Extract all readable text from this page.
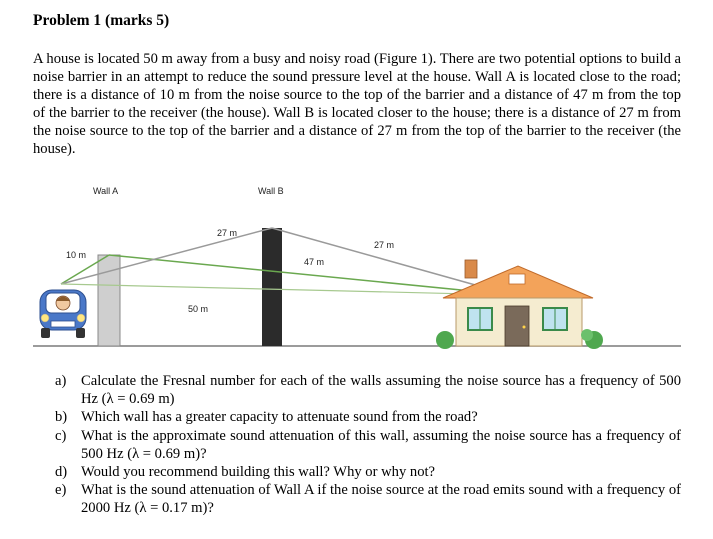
Problem 1 (marks 5)
A house is located 50 m away from a busy and noisy road (Figure 1). There are two potential options to build a noise barrier in an attempt to reduce the sound pressure level at the house. Wall A is located close to the road; there is a distance of 10 m from the noise source to the top of the barrier and a distance of 47 m from the top of the barrier to the receiver (the house). Wall B is located closer to the house; there is a distance of 27 m from the noise source to the top of the barrier and a distance of 27 m from the top of the barrier to the receiver (the house).
Wall A	Wall B
10 m
27 m
27 m
47 m
50 m
a) Calculate the Fresnal number for each of the walls assuming the noise source has a frequency of 500 Hz (λ = 0.69 m)
b) Which wall has a greater capacity to attenuate sound from the road?
c) What is the approximate sound attenuation of this wall, assuming the noise source has a frequency of 500 Hz (λ = 0.69 m)?
d) Would you recommend building this wall? Why or why not?
e) What is the sound attenuation of Wall A if the noise source at the road emits sound with a frequency of 2000 Hz (λ = 0.17 m)?
